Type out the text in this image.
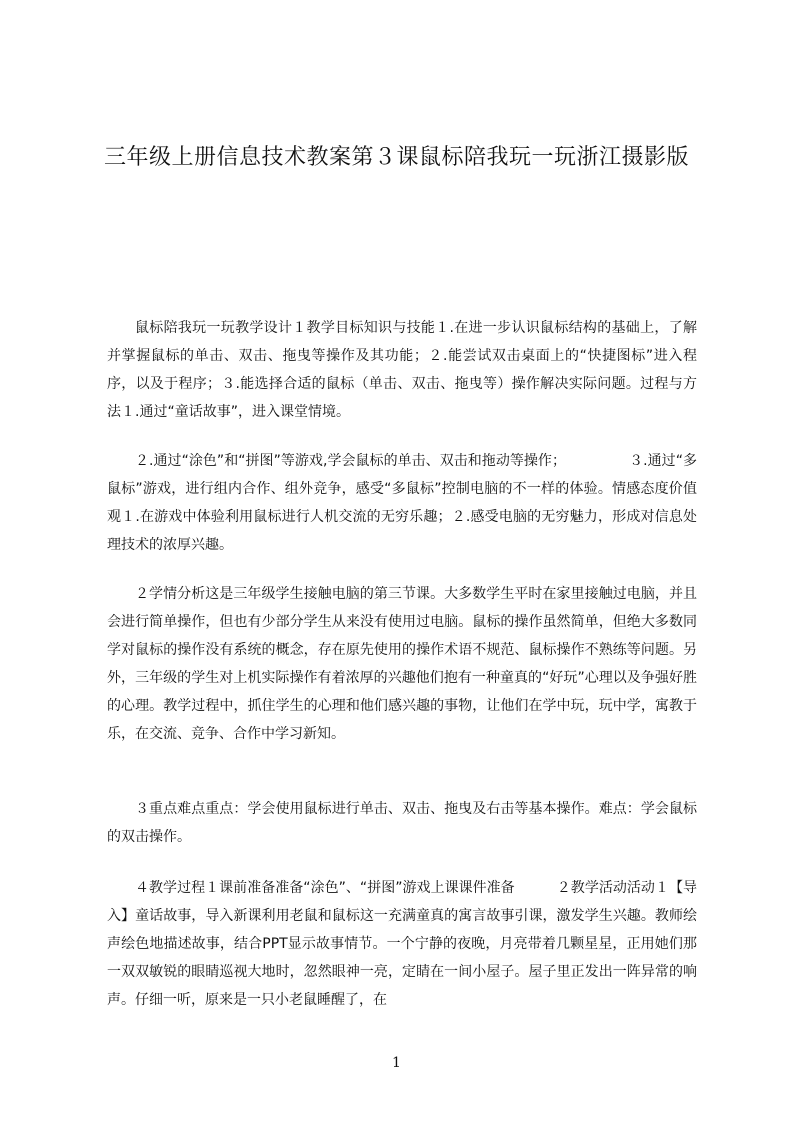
三年级上册信息技术教案第３课鼠标陪我玩一玩浙江摄影版

鼠标陪我玩一玩教学设计１教学目标知识与技能１.在进一步认识鼠标结构的基础上，了解并掌握鼠标的单击、双击、拖曳等操作及其功能；２.能尝试双击桌面上的“快捷图标”进入程序，以及于程序；３.能选择合适的鼠标（单击、双击、拖曳等）操作解决实际问题。过程与方法１.通过“童话故事”，进入课堂情境。

２.通过“涂色”和“拼图”等游戏,学会鼠标的单击、双击和拖动等操作；　　　　　３.通过“多鼠标”游戏，进行组内合作、组外竞争，感受“多鼠标”控制电脑的不一样的体验。情感态度价值观１.在游戏中体验利用鼠标进行人机交流的无穷乐趣；２.感受电脑的无穷魅力，形成对信息处理技术的浓厚兴趣。

２学情分析这是三年级学生接触电脑的第三节课。大多数学生平时在家里接触过电脑，并且会进行简单操作，但也有少部分学生从来没有使用过电脑。鼠标的操作虽然简单，但绝大多数同学对鼠标的操作没有系统的概念，存在原先使用的操作术语不规范、鼠标操作不熟练等问题。另外，三年级的学生对上机实际操作有着浓厚的兴趣他们抱有一种童真的“好玩”心理以及争强好胜的心理。教学过程中，抓住学生的心理和他们感兴趣的事物，让他们在学中玩，玩中学，寓教于乐，在交流、竞争、合作中学习新知。

３重点难点重点：学会使用鼠标进行单击、双击、拖曳及右击等基本操作。难点：学会鼠标的双击操作。

４教学过程１课前准备准备“涂色”、“拼图”游戏上课课件准备　　　２教学活动活动１【导入】童话故事，导入新课利用老鼠和鼠标这一充满童真的寓言故事引课，激发学生兴趣。教师绘声绘色地描述故事，结合PPT显示故事情节。一个宁静的夜晚，月亮带着几颗星星，正用她们那一双双敏锐的眼睛巡视大地时，忽然眼神一亮，定睛在一间小屋子。屋子里正发出一阵异常的响声。仔细一听，原来是一只小老鼠睡醒了，在

1
